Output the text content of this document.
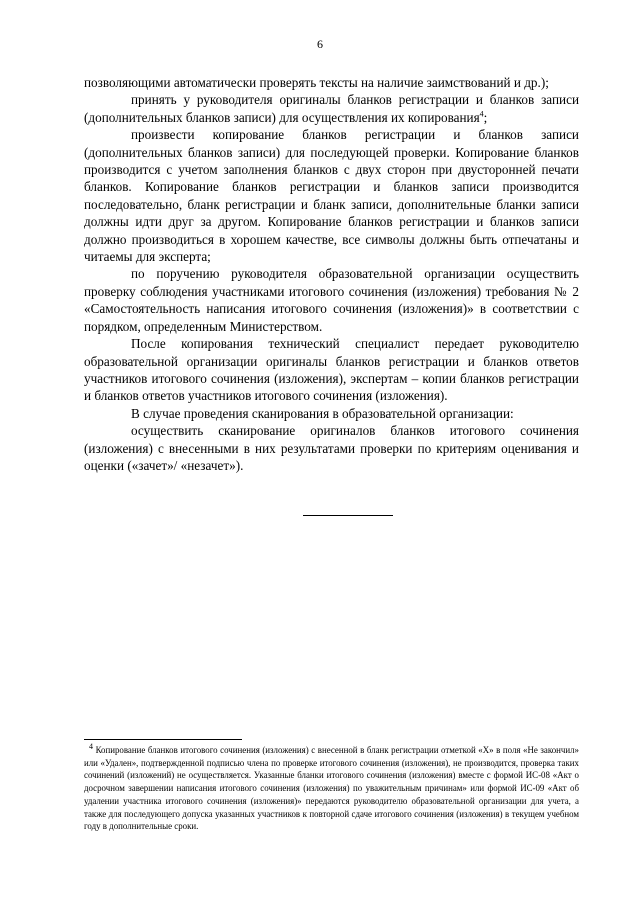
6

позволяющими автоматически проверять тексты на наличие заимствований и др.);

принять у руководителя оригиналы бланков регистрации и бланков записи (дополнительных бланков записи) для осуществления их копирования$^4$;

произвести копирование бланков регистрации и бланков записи (дополнительных бланков записи) для последующей проверки. Копирование бланков производится с учетом заполнения бланков с двух сторон при двусторонней печати бланков. Копирование бланков регистрации и бланков записи производится последовательно, бланк регистрации и бланк записи, дополнительные бланки записи должны идти друг за другом. Копирование бланков регистрации и бланков записи должно производиться в хорошем качестве, все символы должны быть отпечатаны и читаемы для эксперта;

по поручению руководителя образовательной организации осуществить проверку соблюдения участниками итогового сочинения (изложения) требования № 2 «Самостоятельность написания итогового сочинения (изложения)» в соответствии с порядком, определенным Министерством.

После копирования технический специалист передает руководителю образовательной организации оригиналы бланков регистрации и бланков ответов участников итогового сочинения (изложения), экспертам – копии бланков регистрации и бланков ответов участников итогового сочинения (изложения).

В случае проведения сканирования в образовательной организации:

осуществить сканирование оригиналов бланков итогового сочинения (изложения) с внесенными в них результатами проверки по критериям оценивания и оценки («зачет»/ «незачет»).

$^4$ Копирование бланков итогового сочинения (изложения) с внесенной в бланк регистрации отметкой «Х» в поля «Не закончил» или «Удален», подтвержденной подписью члена по проверке итогового сочинения (изложения), не производится, проверка таких сочинений (изложений) не осуществляется. Указанные бланки итогового сочинения (изложения) вместе с формой ИС-08 «Акт о досрочном завершении написания итогового сочинения (изложения) по уважительным причинам» или формой ИС-09 «Акт об удалении участника итогового сочинения (изложения)» передаются руководителю образовательной организации для учета, а также для последующего допуска указанных участников к повторной сдаче итогового сочинения (изложения) в текущем учебном году в дополнительные сроки.
